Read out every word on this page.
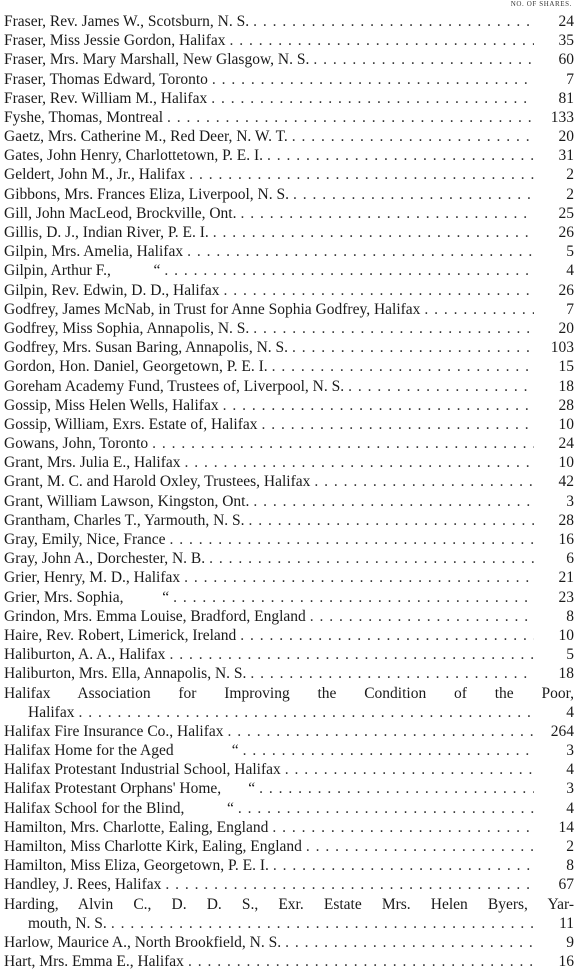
NO. OF SHARES.
Fraser, Rev. James W., Scotsburn, N. S. . . .	24
Fraser, Miss Jessie Gordon, Halifax . . .	35
Fraser, Mrs. Mary Marshall, New Glasgow, N. S. . . .	60
Fraser, Thomas Edward, Toronto . . .	7
Fraser, Rev. William M., Halifax . . .	81
Fyshe, Thomas, Montreal . . .	133
Gaetz, Mrs. Catherine M., Red Deer, N. W. T. . . .	20
Gates, John Henry, Charlottetown, P. E. I. . . .	31
Geldert, John M., Jr., Halifax . . .	2
Gibbons, Mrs. Frances Eliza, Liverpool, N. S. . . .	2
Gill, John MacLeod, Brockville, Ont. . . .	25
Gillis, D. J., Indian River, P. E. I. . . .	26
Gilpin, Mrs. Amelia, Halifax . . .	5
Gilpin, Arthur F.,           “ . . .	4
Gilpin, Rev. Edwin, D. D., Halifax . . .	26
Godfrey, James McNab, in Trust for Anne Sophia Godfrey, Halifax . . .	7
Godfrey, Miss Sophia, Annapolis, N. S. . . .	20
Godfrey, Mrs. Susan Baring, Annapolis, N. S. . . .	103
Gordon, Hon. Daniel, Georgetown, P. E. I. . . .	15
Goreham Academy Fund, Trustees of, Liverpool, N. S. . . .	18
Gossip, Miss Helen Wells, Halifax . . .	28
Gossip, William, Exrs. Estate of, Halifax . . .	10
Gowans, John, Toronto . . .	24
Grant, Mrs. Julia E., Halifax . . .	10
Grant, M. C. and Harold Oxley, Trustees, Halifax . . .	42
Grant, William Lawson, Kingston, Ont. . . .	3
Grantham, Charles T., Yarmouth, N. S. . . .	28
Gray, Emily, Nice, France . . .	16
Gray, John A., Dorchester, N. B. . . .	6
Grier, Henry, M. D., Halifax . . .	21
Grier, Mrs. Sophia,          “ . . .	23
Grindon, Mrs. Emma Louise, Bradford, England . . .	8
Haire, Rev. Robert, Limerick, Ireland . . .	10
Haliburton, A. A., Halifax . . .	5
Haliburton, Mrs. Ella, Annapolis, N. S. . . .	18
Halifax Association for Improving the Condition of the Poor,
Halifax . . .	4
Halifax Fire Insurance Co., Halifax . . .	264
Halifax Home for the Aged               “ . . .	3
Halifax Protestant Industrial School, Halifax . . .	4
Halifax Protestant Orphans' Home,       “ . . .	3
Halifax School for the Blind,           “ . . .	4
Hamilton, Mrs. Charlotte, Ealing, England . . .	14
Hamilton, Miss Charlotte Kirk, Ealing, England . . .	2
Hamilton, Miss Eliza, Georgetown, P. E. I. . . .	8
Handley, J. Rees, Halifax . . .	67
Harding, Alvin C., D. D. S., Exr. Estate Mrs. Helen Byers, Yar-
mouth, N. S. . . .	11
Harlow, Maurice A., North Brookfield, N. S. . . .	9
Hart, Mrs. Emma E., Halifax . . .	16
